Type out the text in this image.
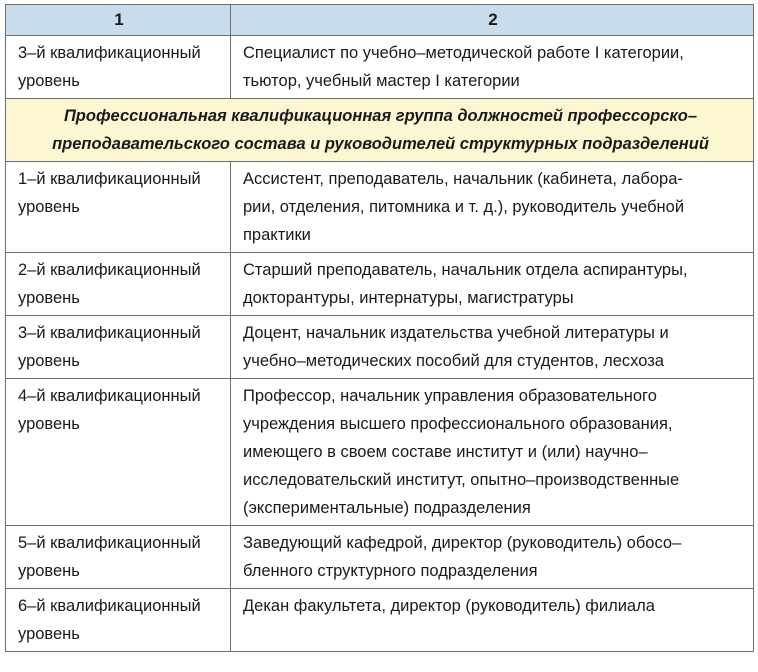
1	2
3–й квалификационный
уровень	Специалист по учебно–методической работе I категории,
тьютор, учебный мастер I категории
Профессиональная квалификационная группа должностей профессорско–
преподавательского состава и руководителей структурных подразделений	
1–й квалификационный
уровень	Ассистент, преподаватель, начальник (кабинета, лабора-
рии, отделения, питомника и т. д.), руководитель учебной
практики
2–й квалификационный
уровень	Старший преподаватель, начальник отдела аспирантуры,
докторантуры, интернатуры, магистратуры
3–й квалификационный
уровень	Доцент, начальник издательства учебной литературы и
учебно–методических пособий для студентов, лесхоза
4–й квалификационный
уровень	Профессор, начальник управления образовательного
учреждения высшего профессионального образования,
имеющего в своем составе институт и (или) научно–
исследовательский институт, опытно–производственные
(экспериментальные) подразделения
5–й квалификационный
уровень	Заведующий кафедрой, директор (руководитель) обосо–
бленного структурного подразделения
6–й квалификационный
уровень	Декан факультета, директор (руководитель) филиала
